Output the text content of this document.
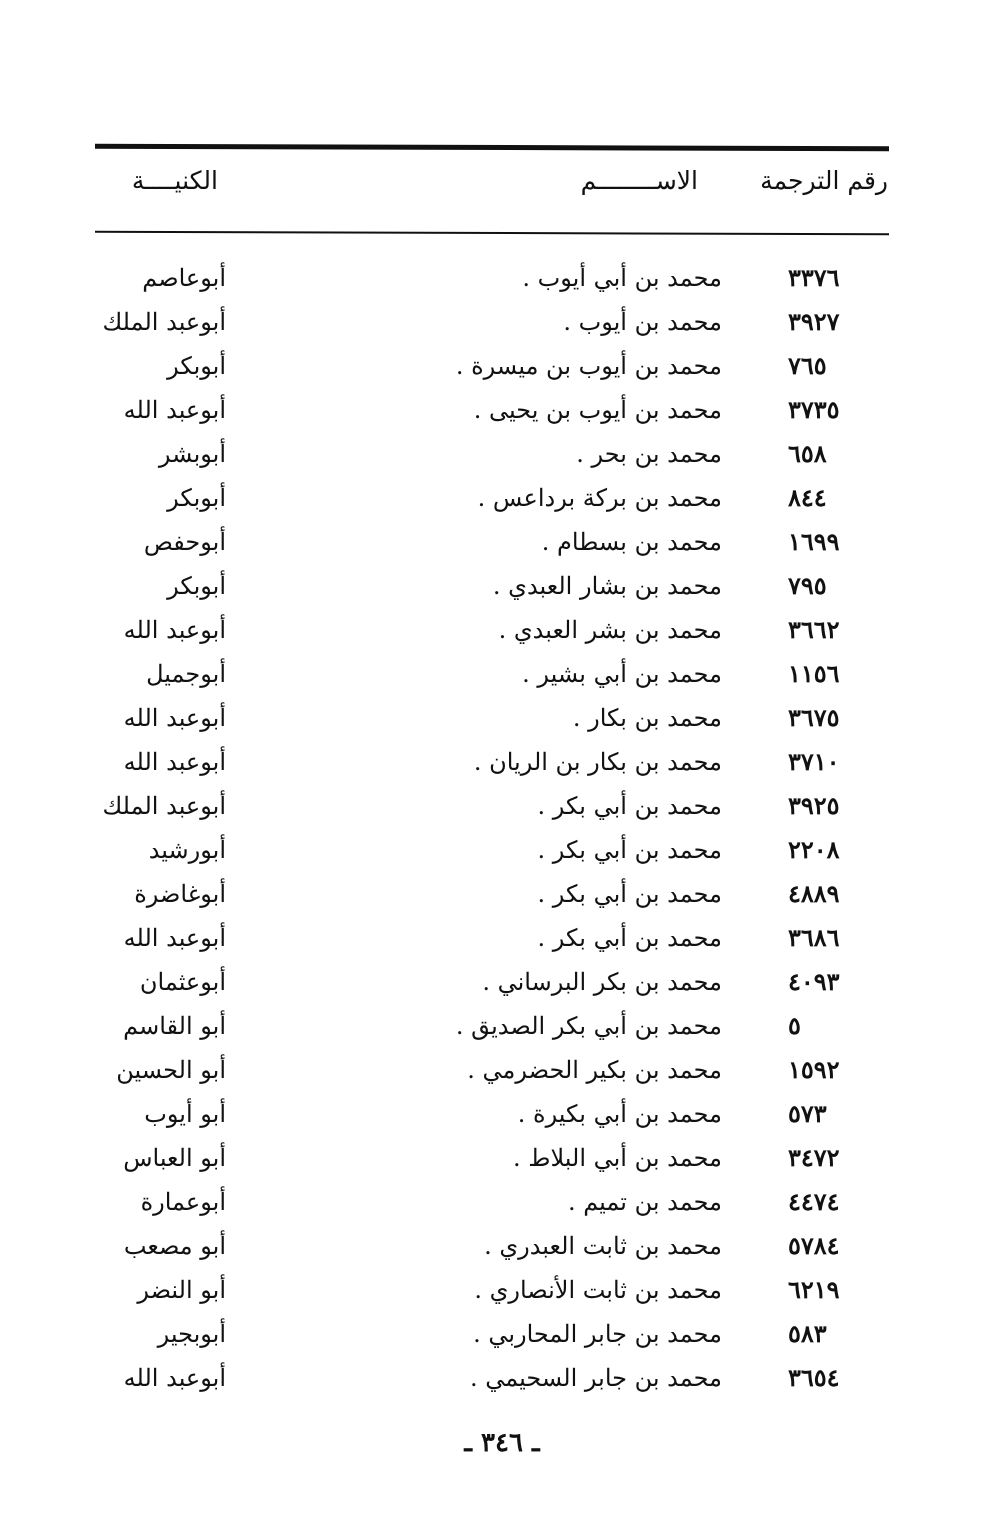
رقم الترجمة
الاســــــــم
الكنيــــة
٣٣٧٦
محمد بن أبي أيوب .
أبوعاصم
٣٩٢٧
محمد بن أيوب .
أبوعبد الملك
٧٦٥
محمد بن أيوب بن ميسرة .
أبوبكر
٣٧٣٥
محمد بن أيوب بن يحيى .
أبوعبد الله
٦٥٨
محمد بن بحر .
أبوبشر
٨٤٤
محمد بن بركة برداعس .
أبوبكر
١٦٩٩
محمد بن بسطام .
أبوحفص
٧٩٥
محمد بن بشار العبدي .
أبوبكر
٣٦٦٢
محمد بن بشر العبدي .
أبوعبد الله
١١٥٦
محمد بن أبي بشير .
أبوجميل
٣٦٧٥
محمد بن بكار .
أبوعبد الله
٣٧١٠
محمد بن بكار بن الريان .
أبوعبد الله
٣٩٢٥
محمد بن أبي بكر .
أبوعبد الملك
٢٢٠٨
محمد بن أبي بكر .
أبورشيد
٤٨٨٩
محمد بن أبي بكر .
أبوغاضرة
٣٦٨٦
محمد بن أبي بكر .
أبوعبد الله
٤٠٩٣
محمد بن بكر البرساني .
أبوعثمان
٥
محمد بن أبي بكر الصديق .
أبو القاسم
١٥٩٢
محمد بن بكير الحضرمي .
أبو الحسين
٥٧٣
محمد بن أبي بكيرة .
أبو أيوب
٣٤٧٢
محمد بن أبي البلاط .
أبو العباس
٤٤٧٤
محمد بن تميم .
أبوعمارة
٥٧٨٤
محمد بن ثابت العبدري .
أبو مصعب
٦٢١٩
محمد بن ثابت الأنصاري .
أبو النضر
٥٨٣
محمد بن جابر المحاربي .
أبوبجير
٣٦٥٤
محمد بن جابر السحيمي .
أبوعبد الله
ـ ٣٤٦ ـ
